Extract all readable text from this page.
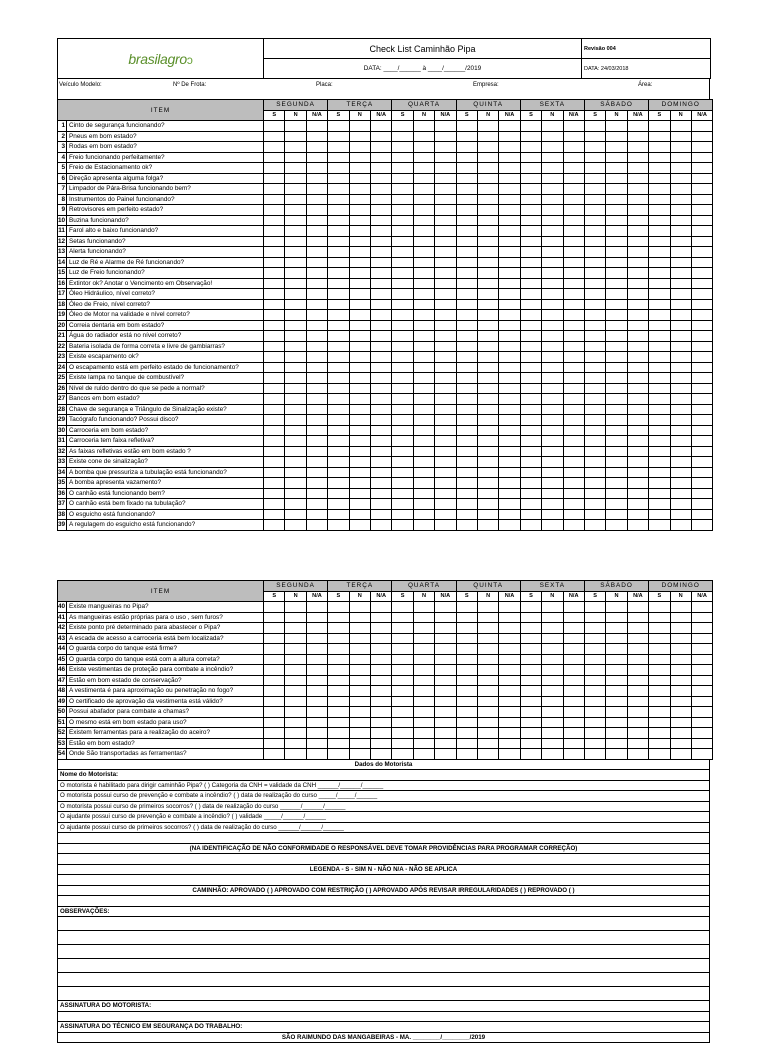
brasilagroↄ	Check List Caminhão Pipa	Revisão 004
	DATA: ____/______ à ____/______/2019	DATA: 24/03/2018
Veículo Modelo:	Nº De Frota:	Placa:	Empresa:	Área:
ITEM		SEGUNDA			TERÇA			QUARTA			QUINTA			SEXTA			SÁBADO			DOMINGO		
		S	N	N/A	S	N	N/A	S	N	N/A	S	N	N/A	S	N	N/A	S	N	N/A	S	N	N/A
1	Cinto de segurança funcionando?																					
2	Pneus em bom estado?																					
3	Rodas em bom estado?																					
4	Freio funcionando perfeitamente?																					
5	Freio de Estacionamento ok?																					
6	Direção apresenta alguma folga?																					
7	Limpador de Pára-Brisa funcionando bem?																					
8	Instrumentos do Painel funcionando?																					
9	Retrovisores em perfeito estado?																					
10	Buzina funcionando?																					
11	Farol alto e baixo funcionando?																					
12	Setas funcionando?																					
13	Alerta funcionando?																					
14	Luz de Ré e Alarme de Ré funcionando?																					
15	Luz de Freio funcionando?																					
16	Extintor ok? Anotar o Vencimento em Observação!																					
17	Óleo Hidráulico, nível correto?																					
18	Óleo de Freio, nível correto?																					
19	Óleo de Motor na validade e nível correto?																					
20	Correia dentaria em bom estado?																					
21	Água do radiador está no nível correto?																					
22	Bateria isolada de forma correta e livre de gambiarras?																					
23	Existe escapamento ok?																					
24	O escapamento está em perfeito estado de funcionamento?																					
25	Existe lampa no tanque de combustível?																					
26	Nível de ruído dentro do que se pede a normal?																					
27	Bancos em bom estado?																					
28	Chave de segurança e Triângulo de Sinalização existe?																					
29	Tacógrafo funcionando? Possui disco?																					
30	Carroceria em bom estado?																					
31	Carroceria tem faixa refletiva?																					
32	As faixas refletivas estão em bom estado ?																					
33	Existe cone de sinalização?																					
34	A bomba que pressuriza a tubulação está funcionando?																					
35	A bomba apresenta vazamento?																					
36	O canhão está funcionando bem?																					
37	O canhão está bem fixado na tubulação?																					
38	O esguicho está funcionando?																					
39	A regulagem do esguicho está funcionando?																					
ITEM		SEGUNDA			TERÇA			QUARTA			QUINTA			SEXTA			SÁBADO			DOMINGO		
		S	N	N/A	S	N	N/A	S	N	N/A	S	N	N/A	S	N	N/A	S	N	N/A	S	N	N/A
40	Existe mangueiras no Pipa?																					
41	As mangueiras estão próprias para o uso , sem furos?																					
42	Existe ponto pré determinado para abastecer o Pipa?																					
43	A escada de acesso a carroceria está bem localizada?																					
44	O guarda corpo do tanque está firme?																					
45	O guarda corpo do tanque está com a altura correta?																					
46	Existe vestimentas de proteção para combate a incêndio?																					
47	Estão em bom estado de conservação?																					
48	A vestimenta é para aproximação ou penetração no fogo?																					
49	O certificado de aprovação da vestimenta está válido?																					
50	Possui abafador para combate a chamas?																					
51	O mesmo está em bom estado para uso?																					
52	Existem ferramentas para a realização do aceiro?																					
53	Estão em bom estado?																					
54	Onde São transportadas as ferramentas?																					
Dados do Motorista
Nome do Motorista:
O motorista é habilitado para dirigir caminhão Pipa? ( ) Categoria da CNH = validade da CNH ______/______/______
O motorista possui curso de prevenção e combate a incêndio? ( ) data de realização do curso _____/_____/______
O motorista possui curso de primeiros socorros? ( ) data de realização do curso ______/______/______
O ajudante possui curso de prevenção e combate a incêndio? ( ) validade _____/______/______
O ajudante possui curso de primeiros socorros? ( ) data de realização do curso ______/______/______
(NA IDENTIFICAÇÃO DE NÃO CONFORMIDADE O RESPONSÁVEL DEVE TOMAR PROVIDÊNCIAS PARA PROGRAMAR CORREÇÃO)
LEGENDA - S - SIM N - NÃO N/A - NÃO SE APLICA
CAMINHÃO: APROVADO ( ) APROVADO COM RESTRIÇÃO ( ) APROVADO APÓS REVISAR IRREGULARIDADES ( ) REPROVADO ( )
OBSERVAÇÕES:
ASSINATURA DO MOTORISTA:
ASSINATURA DO TÉCNICO EM SEGURANÇA DO TRABALHO:
SÃO RAIMUNDO DAS MANGABEIRAS - MA. ________/________/2019
